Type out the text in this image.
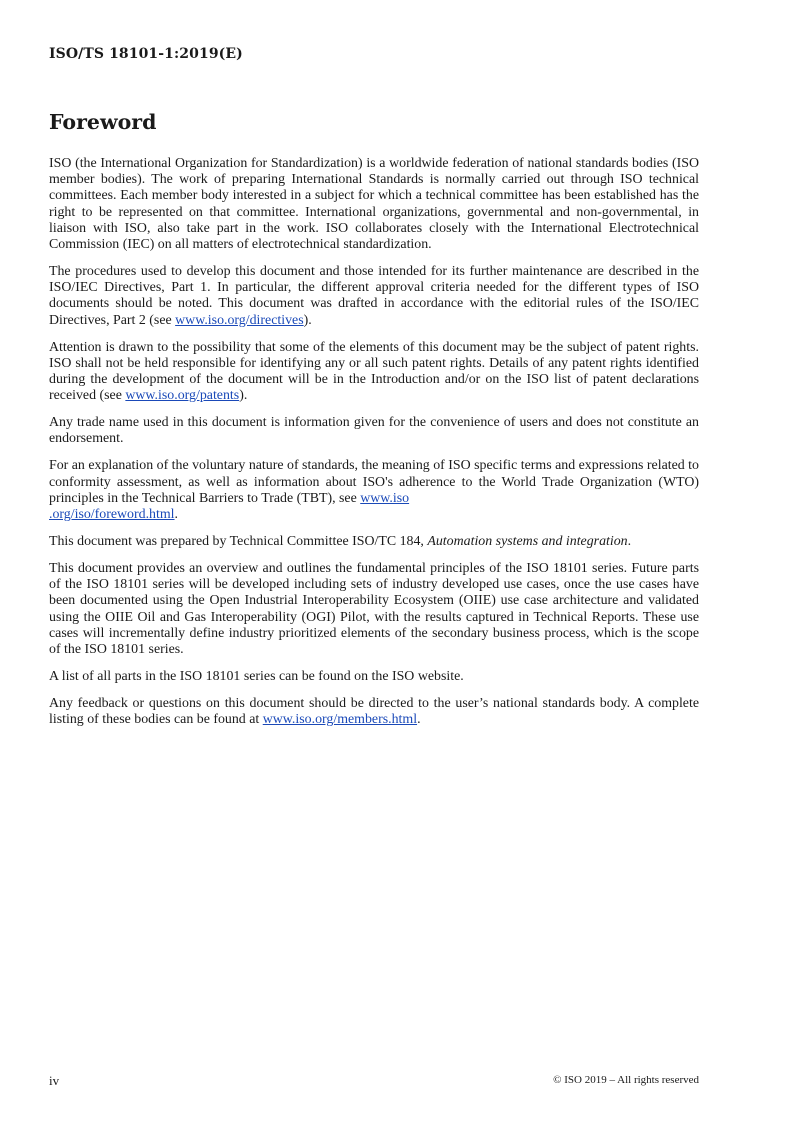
ISO/TS 18101-1:2019(E)
Foreword

ISO (the International Organization for Standardization) is a worldwide federation of national standards bodies (ISO member bodies). The work of preparing International Standards is normally carried out through ISO technical committees. Each member body interested in a subject for which a technical committee has been established has the right to be represented on that committee. International organizations, governmental and non-governmental, in liaison with ISO, also take part in the work. ISO collaborates closely with the International Electrotechnical Commission (IEC) on all matters of electrotechnical standardization.

The procedures used to develop this document and those intended for its further maintenance are described in the ISO/IEC Directives, Part 1. In particular, the different approval criteria needed for the different types of ISO documents should be noted. This document was drafted in accordance with the editorial rules of the ISO/IEC Directives, Part 2 (see www.iso.org/directives).

Attention is drawn to the possibility that some of the elements of this document may be the subject of patent rights. ISO shall not be held responsible for identifying any or all such patent rights. Details of any patent rights identified during the development of the document will be in the Introduction and/or on the ISO list of patent declarations received (see www.iso.org/patents).

Any trade name used in this document is information given for the convenience of users and does not constitute an endorsement.

For an explanation of the voluntary nature of standards, the meaning of ISO specific terms and expressions related to conformity assessment, as well as information about ISO's adherence to the World Trade Organization (WTO) principles in the Technical Barriers to Trade (TBT), see www.iso
.org/iso/foreword.html.

This document was prepared by Technical Committee ISO/TC 184, Automation systems and integration.

This document provides an overview and outlines the fundamental principles of the ISO 18101 series. Future parts of the ISO 18101 series will be developed including sets of industry developed use cases, once the use cases have been documented using the Open Industrial Interoperability Ecosystem (OIIE) use case architecture and validated using the OIIE Oil and Gas Interoperability (OGI) Pilot, with the results captured in Technical Reports. These use cases will incrementally define industry prioritized elements of the secondary business process, which is the scope of the ISO 18101 series.

A list of all parts in the ISO 18101 series can be found on the ISO website.

Any feedback or questions on this document should be directed to the user’s national standards body. A complete listing of these bodies can be found at www.iso.org/members.html.

iv	© ISO 2019 – All rights reserved
